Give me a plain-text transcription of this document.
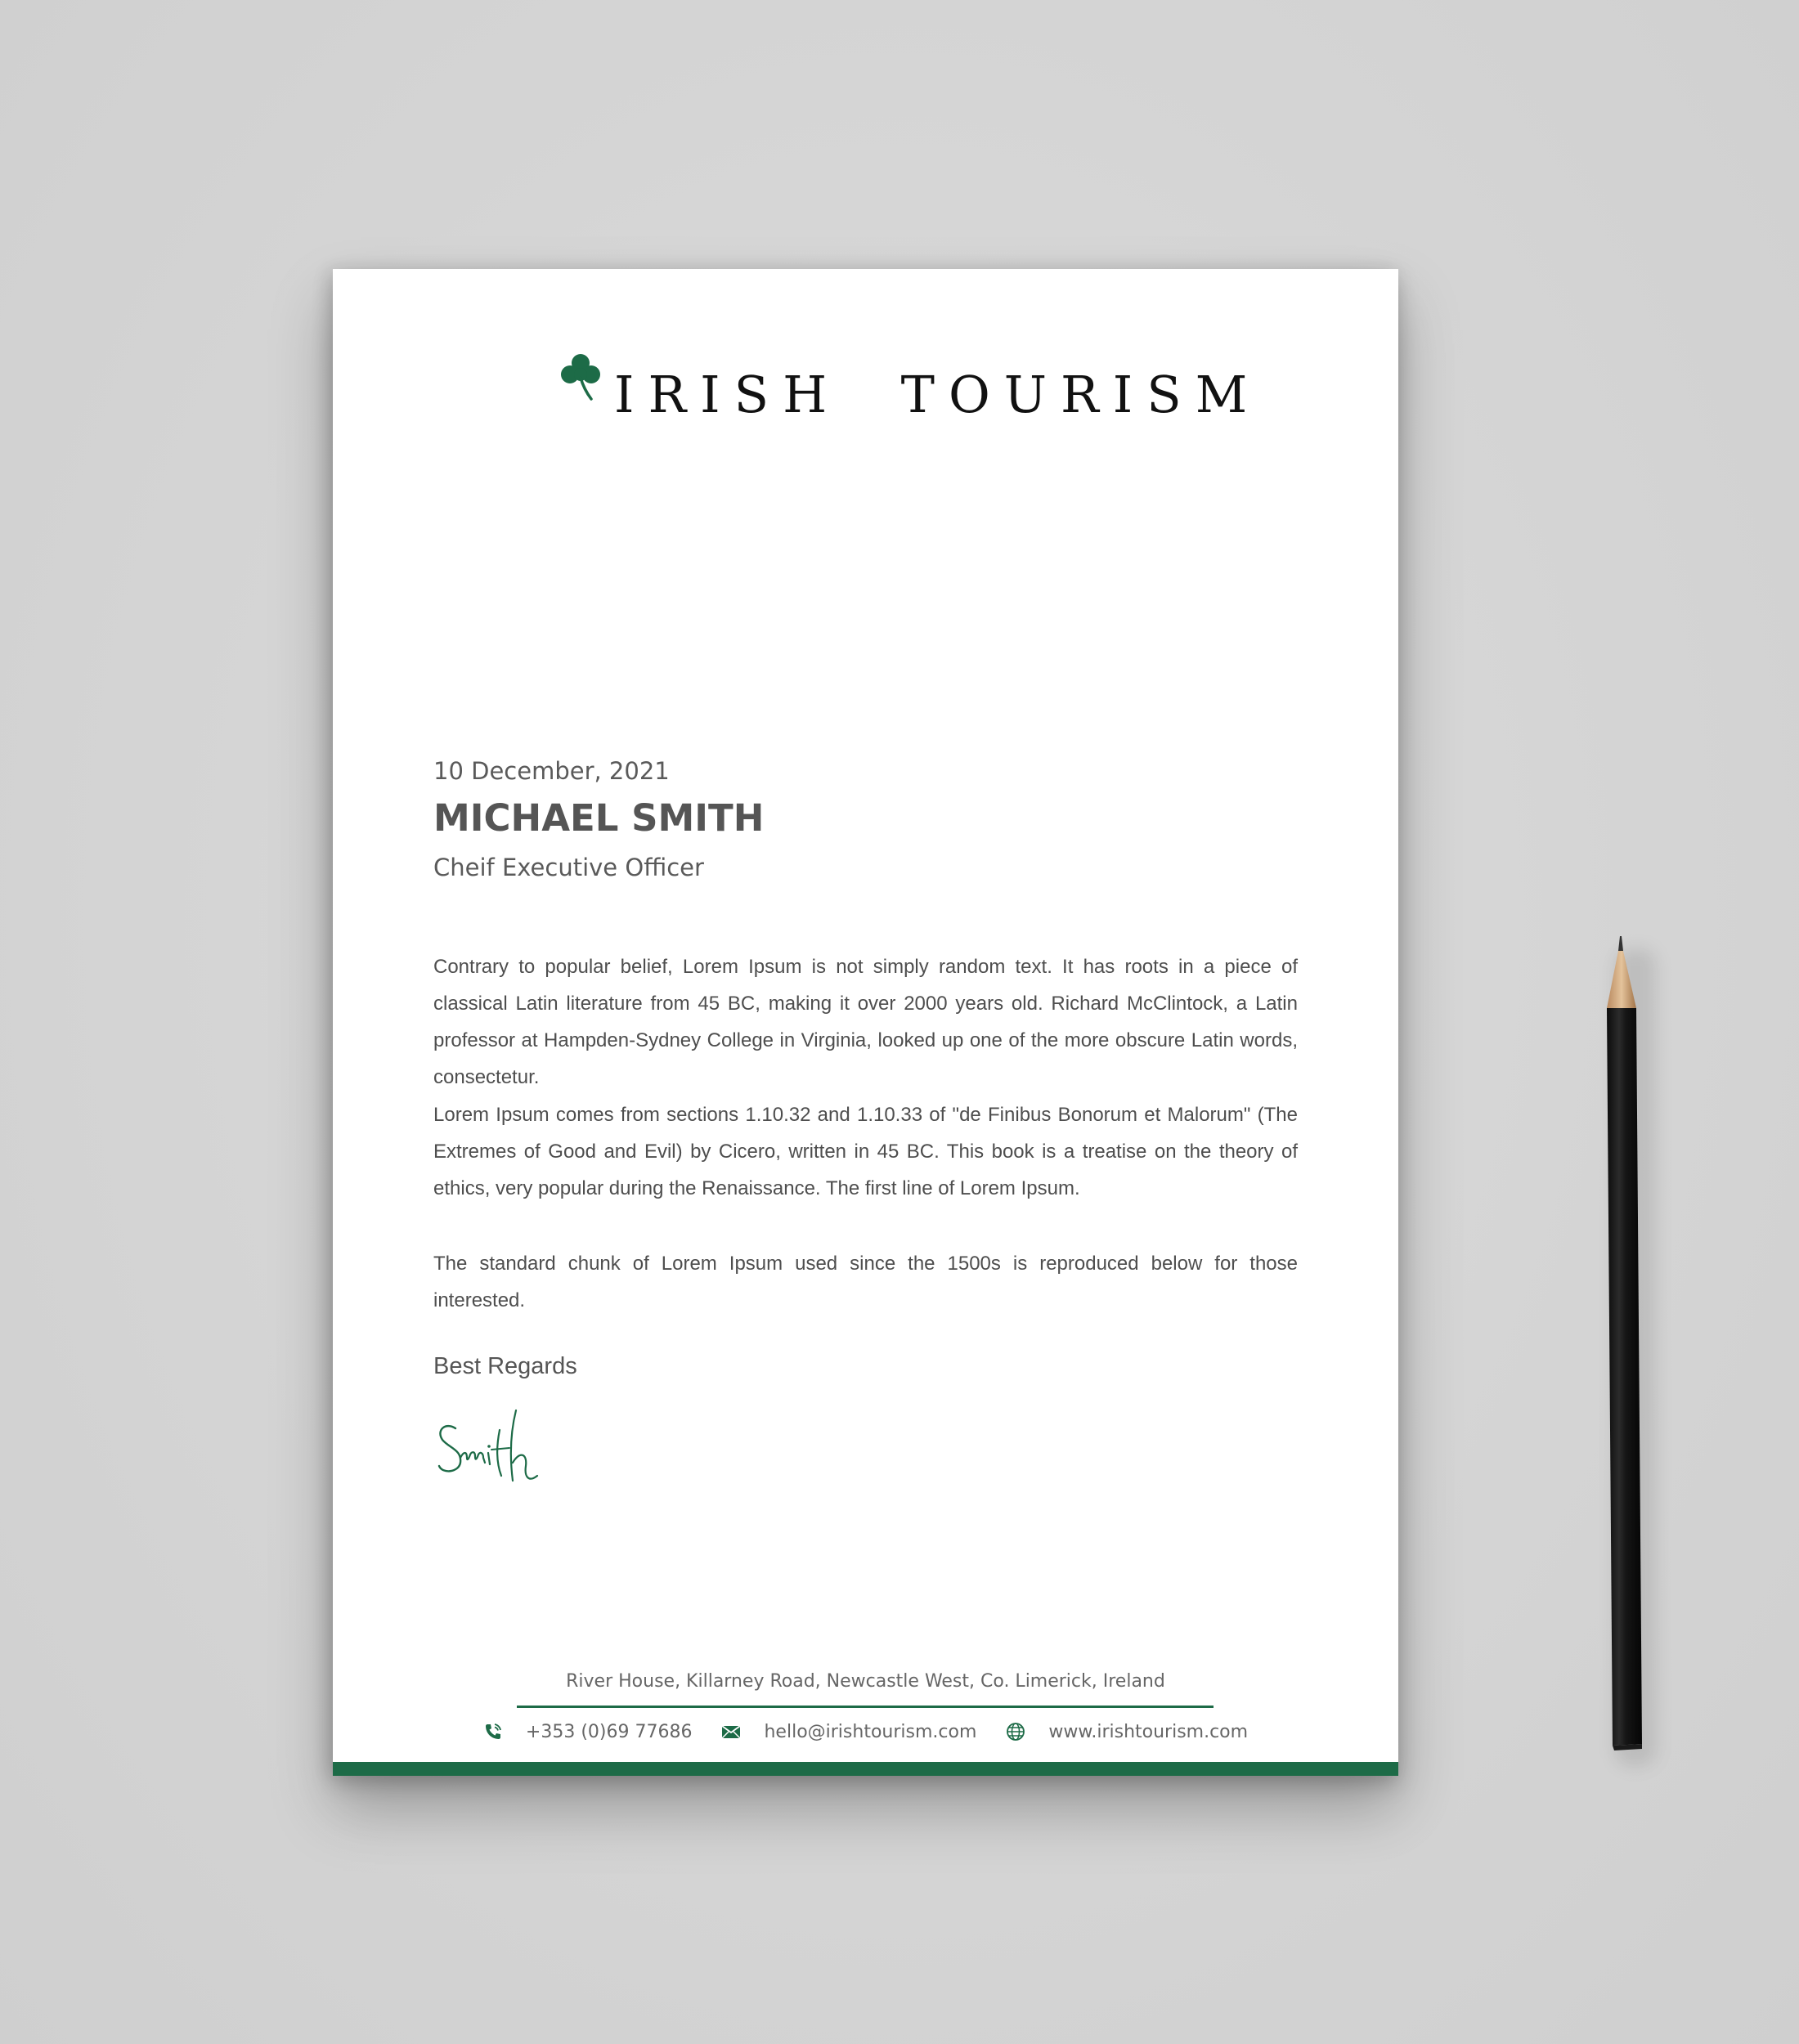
IRISH  TOURISM
10 December, 2021
MICHAEL SMITH
Cheif Executive Officer

Contrary to popular belief, Lorem Ipsum is not simply random text. It has roots in a piece of classical Latin literature from 45 BC, making it over 2000 years old. Richard McClintock, a Latin professor at Hampden-Sydney College in Virginia, looked up one of the more obscure Latin words, consectetur.

Lorem Ipsum comes from sections 1.10.32 and 1.10.33 of "de Finibus Bonorum et Malorum" (The Extremes of Good and Evil) by Cicero, written in 45 BC. This book is a treatise on the theory of ethics, very popular during the Renaissance. The first line of Lorem Ipsum.

The standard chunk of Lorem Ipsum used since the 1500s is reproduced below for those interested.

Best Regards
River House, Killarney Road, Newcastle West, Co. Limerick, Ireland
+353 (0)69 77686	hello@irishtourism.com	www.irishtourism.com
